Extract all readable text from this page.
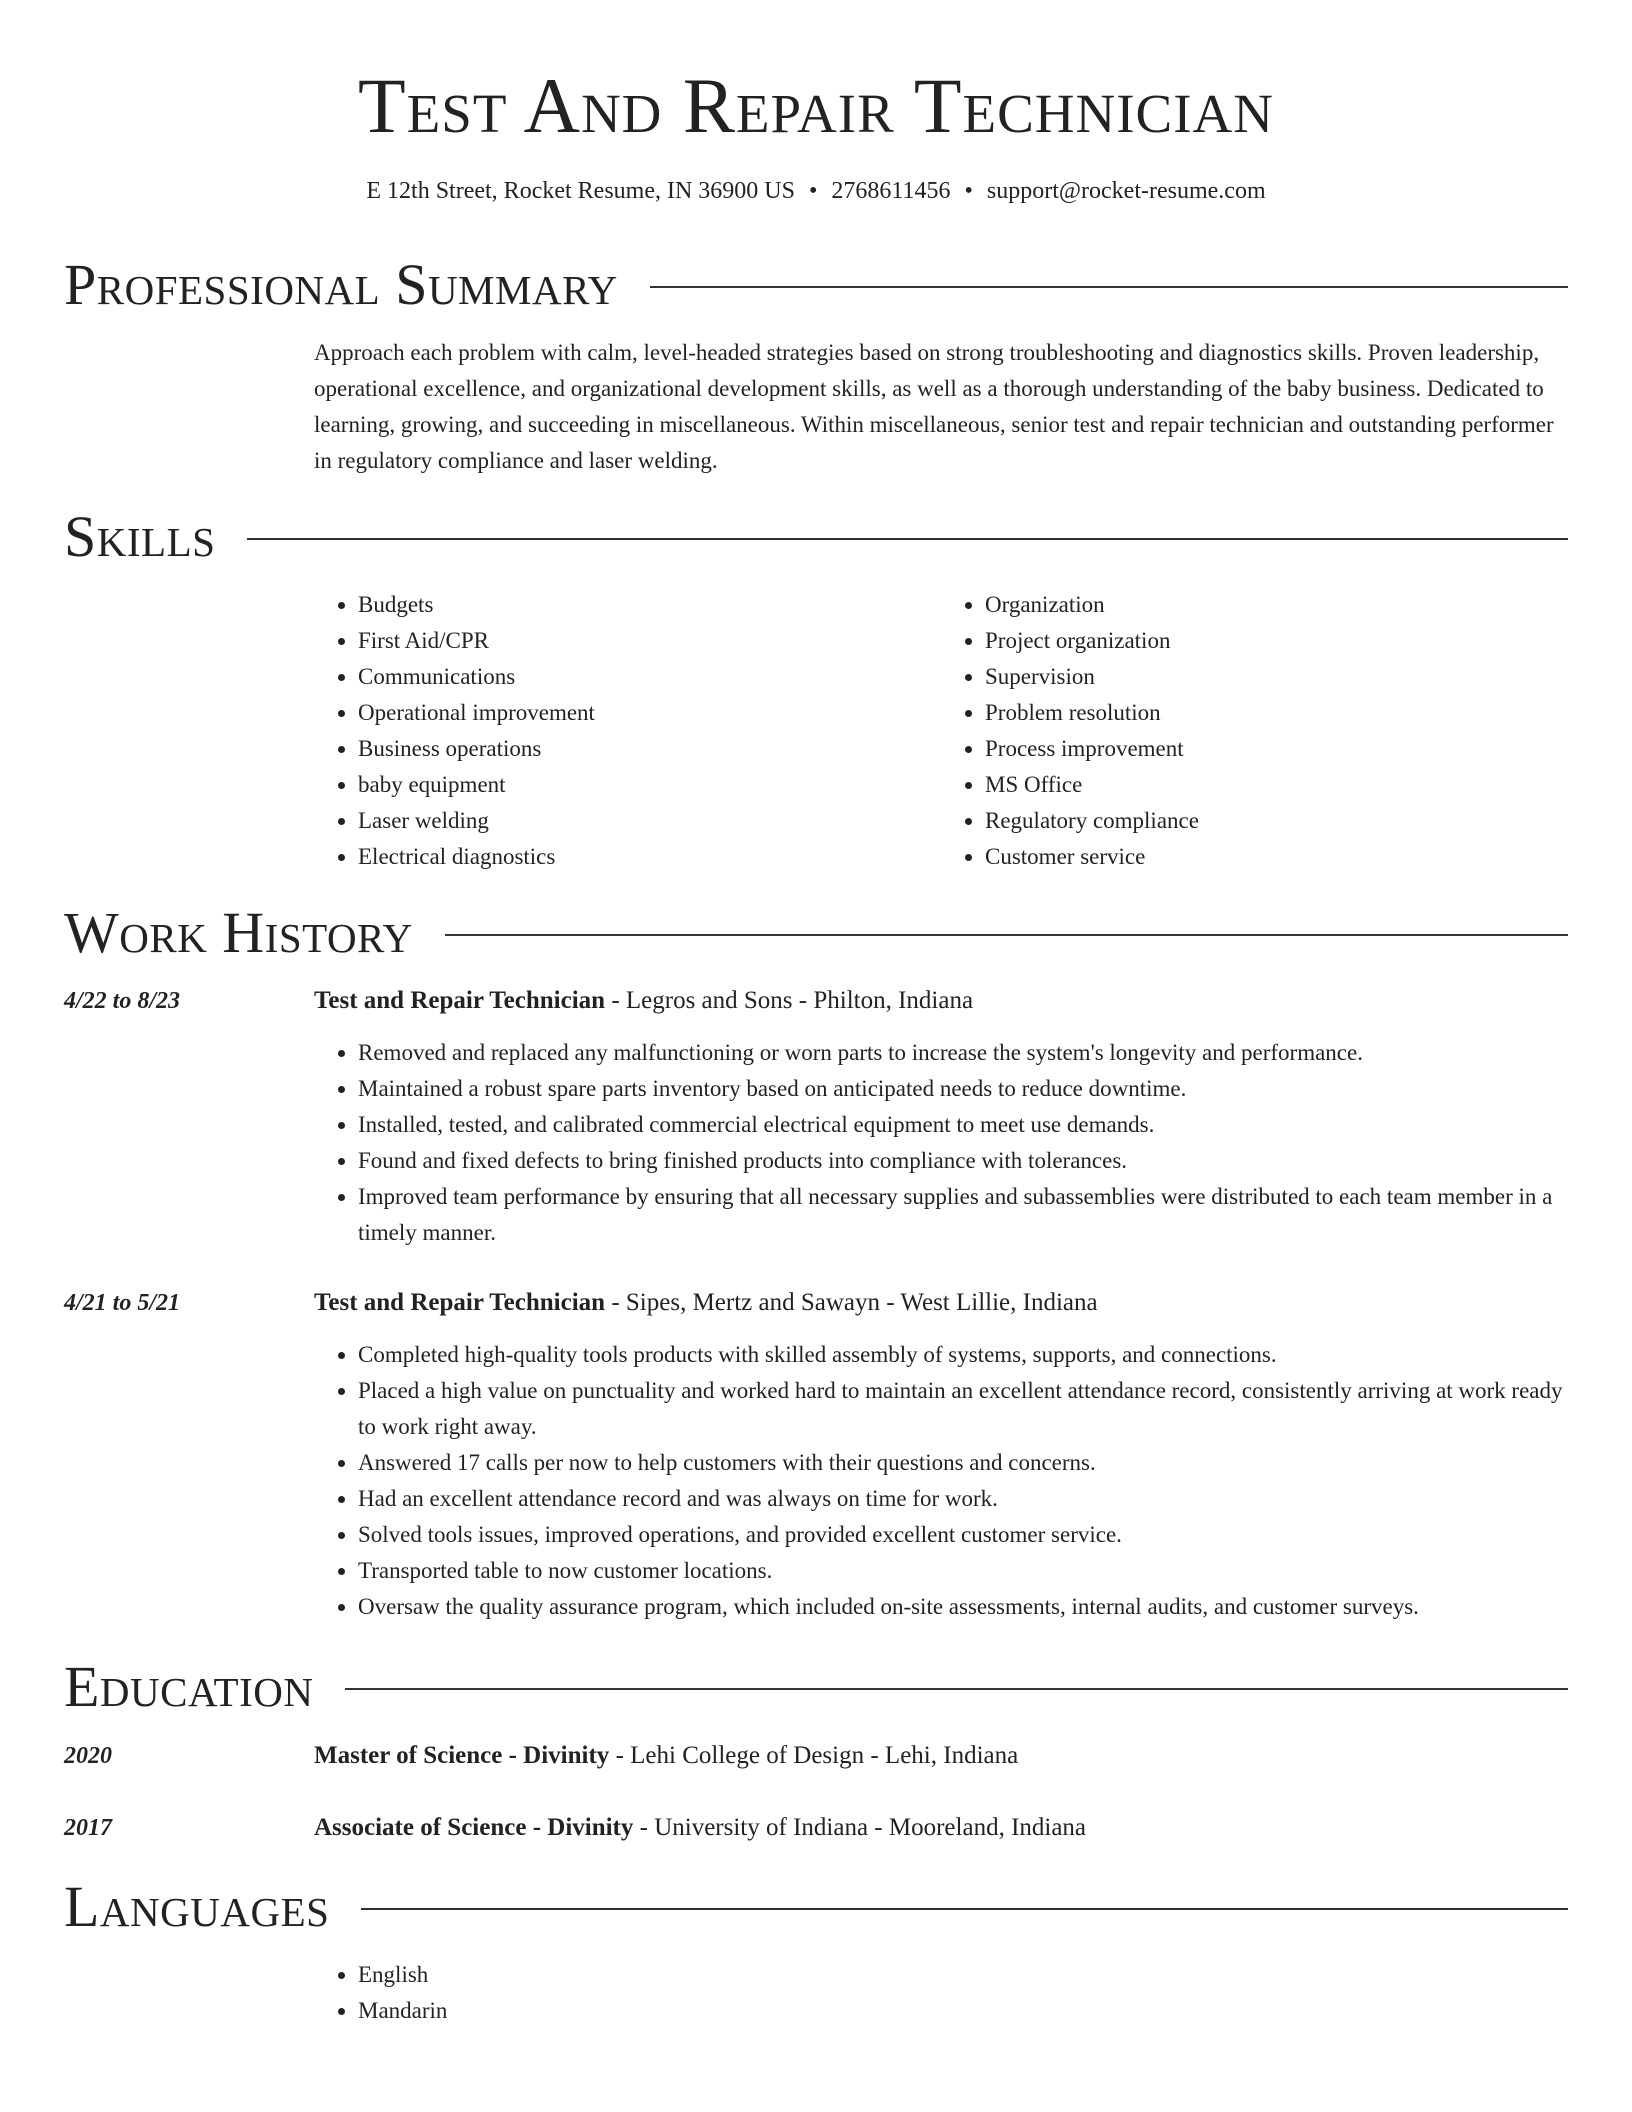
Test And Repair Technician
E 12th Street, Rocket Resume, IN 36900 US • 2768611456 • support@rocket-resume.com
Professional Summary
Approach each problem with calm, level-headed strategies based on strong troubleshooting and diagnostics skills. Proven leadership, operational excellence, and organizational development skills, as well as a thorough understanding of the baby business. Dedicated to learning, growing, and succeeding in miscellaneous. Within miscellaneous, senior test and repair technician and outstanding performer in regulatory compliance and laser welding.
Skills
• Budgets
• First Aid/CPR
• Communications
• Operational improvement
• Business operations
• baby equipment
• Laser welding
• Electrical diagnostics
• Organization
• Project organization
• Supervision
• Problem resolution
• Process improvement
• MS Office
• Regulatory compliance
• Customer service
Work History
4/22 to 8/23	Test and Repair Technician - Legros and Sons - Philton, Indiana
• Removed and replaced any malfunctioning or worn parts to increase the system's longevity and performance.
• Maintained a robust spare parts inventory based on anticipated needs to reduce downtime.
• Installed, tested, and calibrated commercial electrical equipment to meet use demands.
• Found and fixed defects to bring finished products into compliance with tolerances.
• Improved team performance by ensuring that all necessary supplies and subassemblies were distributed to each team member in a timely manner.
4/21 to 5/21	Test and Repair Technician - Sipes, Mertz and Sawayn - West Lillie, Indiana
• Completed high-quality tools products with skilled assembly of systems, supports, and connections.
• Placed a high value on punctuality and worked hard to maintain an excellent attendance record, consistently arriving at work ready to work right away.
• Answered 17 calls per now to help customers with their questions and concerns.
• Had an excellent attendance record and was always on time for work.
• Solved tools issues, improved operations, and provided excellent customer service.
• Transported table to now customer locations.
• Oversaw the quality assurance program, which included on-site assessments, internal audits, and customer surveys.
Education
2020	Master of Science - Divinity - Lehi College of Design - Lehi, Indiana
2017	Associate of Science - Divinity - University of Indiana - Mooreland, Indiana
Languages
• English
• Mandarin
